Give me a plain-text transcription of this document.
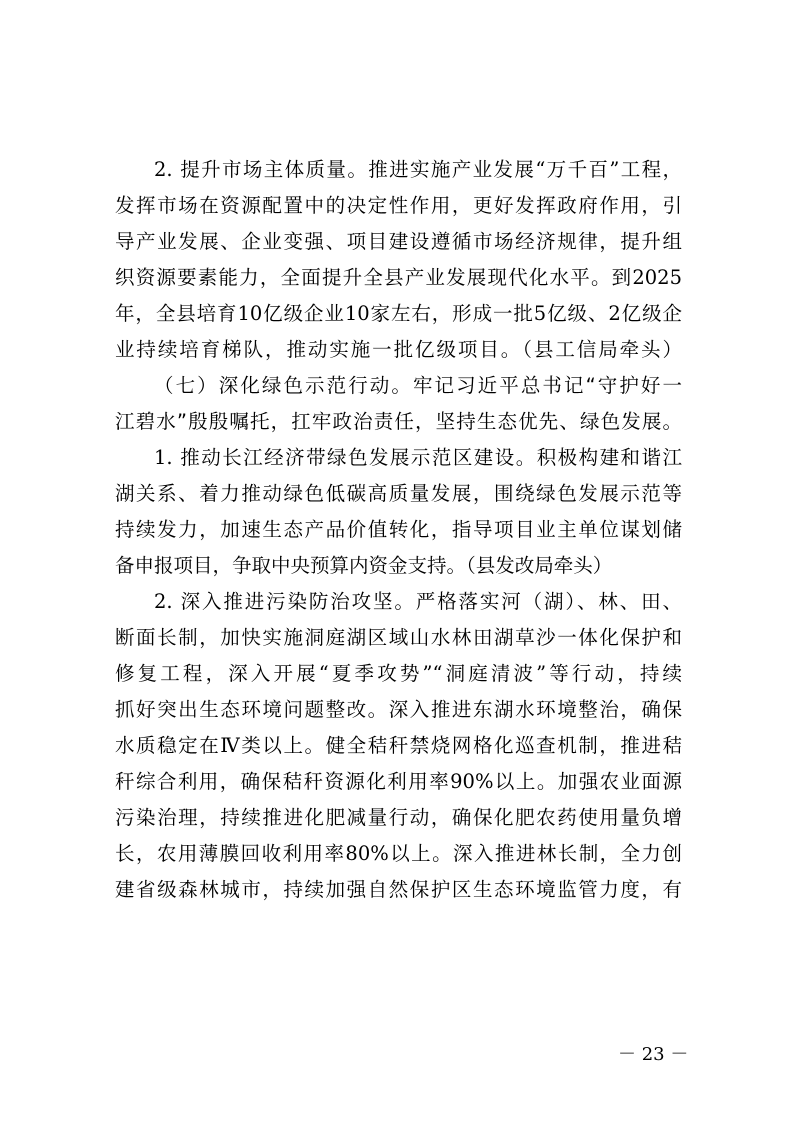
2. 提升市场主体质量。推进实施产业发展“万千百”工程，
发挥市场在资源配置中的决定性作用，更好发挥政府作用，引
导产业发展、企业变强、项目建设遵循市场经济规律，提升组
织资源要素能力，全面提升全县产业发展现代化水平。到2025
年，全县培育10亿级企业10家左右，形成一批5亿级、2亿级企
业持续培育梯队，推动实施一批亿级项目。（县工信局牵头）

（七）深化绿色示范行动。牢记习近平总书记“守护好一
江碧水”殷殷嘱托，扛牢政治责任，坚持生态优先、绿色发展。

1. 推动长江经济带绿色发展示范区建设。积极构建和谐江
湖关系、着力推动绿色低碳高质量发展，围绕绿色发展示范等
持续发力，加速生态产品价值转化，指导项目业主单位谋划储
备申报项目，争取中央预算内资金支持。（县发改局牵头）

2. 深入推进污染防治攻坚。严格落实河（湖）、林、田、
断面长制，加快实施洞庭湖区域山水林田湖草沙一体化保护和
修复工程，深入开展“夏季攻势”“洞庭清波”等行动，持续
抓好突出生态环境问题整改。深入推进东湖水环境整治，确保
水质稳定在Ⅳ类以上。健全秸秆禁烧网格化巡查机制，推进秸
秆综合利用，确保秸秆资源化利用率90%以上。加强农业面源
污染治理，持续推进化肥减量行动，确保化肥农药使用量负增
长，农用薄膜回收利用率80%以上。深入推进林长制，全力创
建省级森林城市，持续加强自然保护区生态环境监管力度，有

－ 23 －
